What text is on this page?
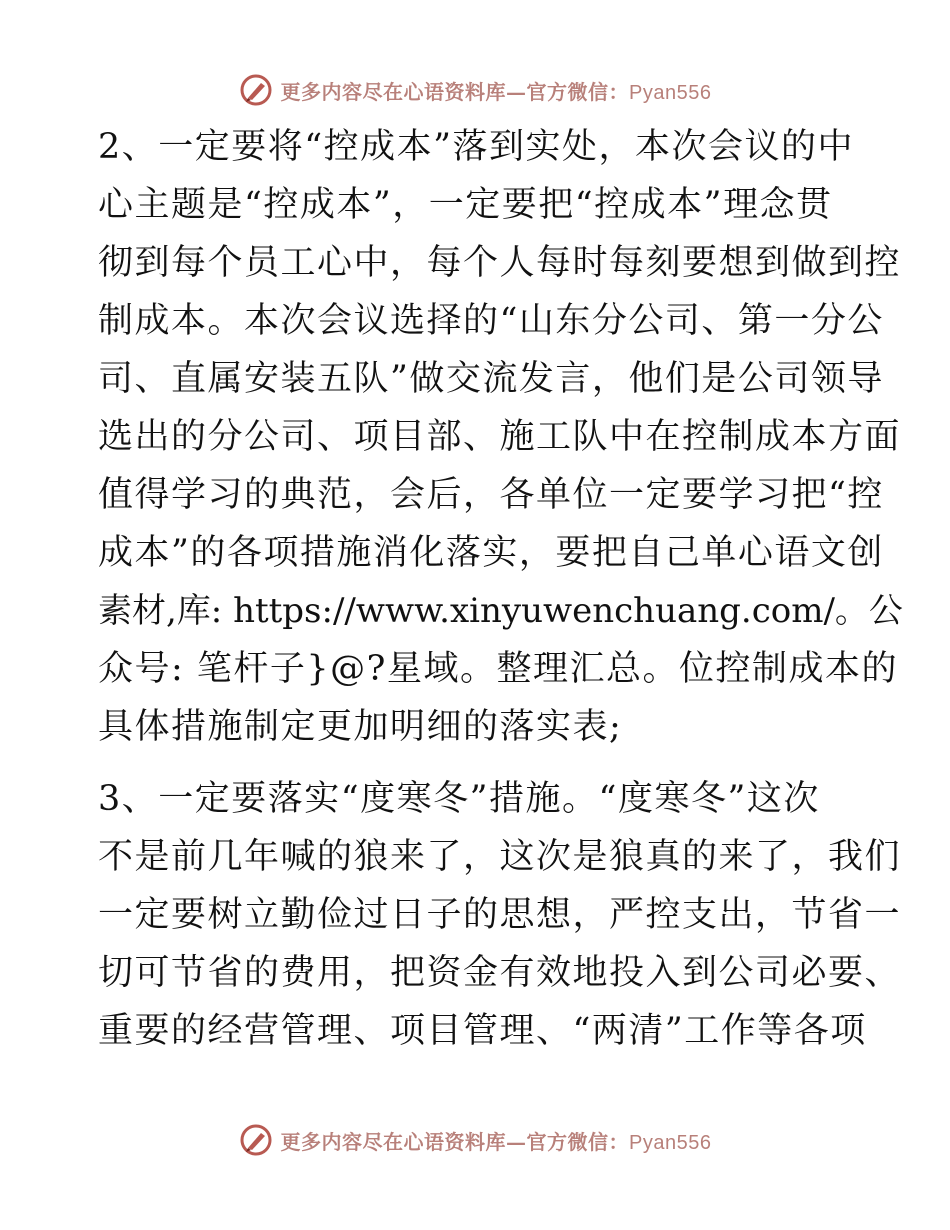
更多内容尽在心语资料库—官方微信：Pyan556
2、一定要将“控成本”落到实处，本次会议的中
心主题是“控成本”，一定要把“控成本”理念贯
彻到每个员工心中，每个人每时每刻要想到做到控
制成本。本次会议选择的“山东分公司、第一分公
司、直属安装五队”做交流发言，他们是公司领导
选出的分公司、项目部、施工队中在控制成本方面
值得学习的典范，会后，各单位一定要学习把“控
成本”的各项措施消化落实，要把自己单心语文创
素材,库: https://www.xinyuwenchuang.com/。公
众号: 笔杆子}@?星域。整理汇总。位控制成本的
具体措施制定更加明细的落实表;
3、一定要落实“度寒冬”措施。“度寒冬”这次
不是前几年喊的狼来了，这次是狼真的来了，我们
一定要树立勤俭过日子的思想，严控支出，节省一
切可节省的费用，把资金有效地投入到公司必要、
重要的经营管理、项目管理、“两清”工作等各项
更多内容尽在心语资料库—官方微信：Pyan556
